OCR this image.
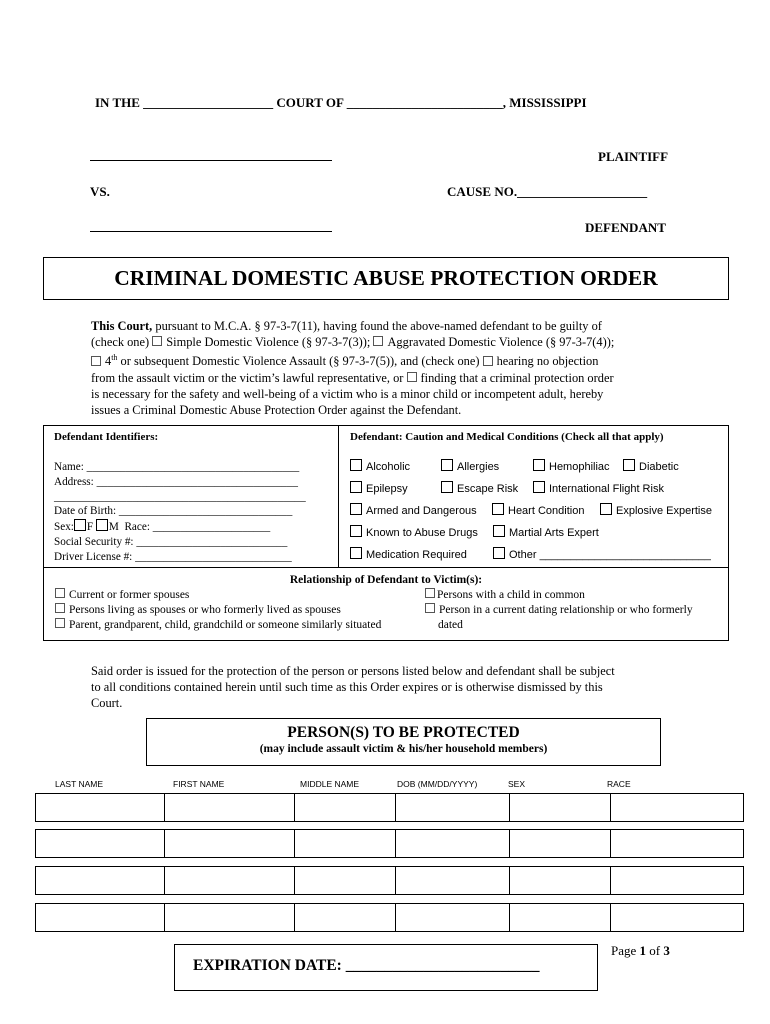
IN THE ____________________ COURT OF ________________________, MISSISSIPPI
PLAINTIFF
VS.	CAUSE NO.____________________
DEFENDANT
CRIMINAL DOMESTIC ABUSE PROTECTION ORDER
This Court, pursuant to M.C.A. § 97-3-7(11), having found the above-named defendant to be guilty of
(check one) Simple Domestic Violence (§ 97-3-7(3)); Aggravated Domestic Violence (§ 97-3-7(4));
4th or subsequent Domestic Violence Assault (§ 97-3-7(5)), and (check one) hearing no objection
from the assault victim or the victim’s lawful representative, or finding that a criminal protection order
is necessary for the safety and well-being of a victim who is a minor child or incompetent adult, hereby
issues a Criminal Domestic Abuse Protection Order against the Defendant.
Defendant Identifiers:
Name: ______________________________________
Address: ____________________________________
_____________________________________________
Date of Birth: _______________________________
Sex: F M Race: _____________________
Social Security #: ___________________________
Driver License #: ____________________________
Defendant: Caution and Medical Conditions (Check all that apply)
Alcoholic	Allergies	Hemophiliac	Diabetic
Epilepsy	Escape Risk	International Flight Risk
Armed and Dangerous	Heart Condition	Explosive Expertise
Known to Abuse Drugs	Martial Arts Expert
Medication Required	Other ____________________________
Relationship of Defendant to Victim(s):
Current or former spouses
Persons living as spouses or who formerly lived as spouses
Parent, grandparent, child, grandchild or someone similarly situated
Persons with a child in common
Person in a current dating relationship or who formerly
dated
Said order is issued for the protection of the person or persons listed below and defendant shall be subject
to all conditions contained herein until such time as this Order expires or is otherwise dismissed by this
Court.
PERSON(S) TO BE PROTECTED
(may include assault victim & his/her household members)
LAST NAME	FIRST NAME	MIDDLE NAME	DOB (MM/DD/YYYY)	SEX	RACE

EXPIRATION DATE: _________________________
Page 1 of 3
